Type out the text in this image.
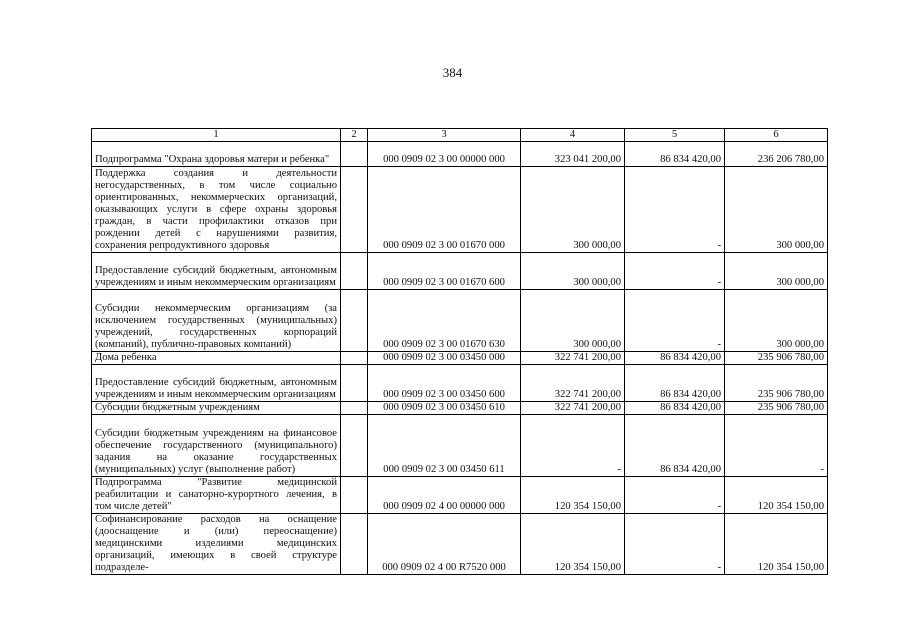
384
1	2	3	4	5	6
Подпрограмма "Охрана здоровья матери и ребенка"		000 0909 02 3 00 00000 000	323 041 200,00	86 834 420,00	236 206 780,00
Поддержка создания и деятельности негосударственных, в том числе социально ориентированных, некоммерческих организаций, оказывающих услуги в сфере охраны здоровья граждан, в части профилактики отказов при рождении детей с нарушениями развития, сохранения репродуктивного здоровья		000 0909 02 3 00 01670 000	300 000,00	-	300 000,00
Предоставление субсидий бюджетным, автономным учреждениям и иным некоммерческим организациям		000 0909 02 3 00 01670 600	300 000,00	-	300 000,00
Субсидии некоммерческим организациям (за исключением государственных (муниципальных) учреждений, государственных корпораций (компаний), публично-правовых компаний)		000 0909 02 3 00 01670 630	300 000,00	-	300 000,00
Дома ребенка		000 0909 02 3 00 03450 000	322 741 200,00	86 834 420,00	235 906 780,00
Предоставление субсидий бюджетным, автономным учреждениям и иным некоммерческим организациям		000 0909 02 3 00 03450 600	322 741 200,00	86 834 420,00	235 906 780,00
Субсидии бюджетным учреждениям		000 0909 02 3 00 03450 610	322 741 200,00	86 834 420,00	235 906 780,00
Субсидии бюджетным учреждениям на финансовое обеспечение государственного (муниципального) задания на оказание государственных (муниципальных) услуг (выполнение работ)		000 0909 02 3 00 03450 611	-	86 834 420,00	-
Подпрограмма "Развитие медицинской реабилитации и санаторно-курортного лечения, в том числе детей"		000 0909 02 4 00 00000 000	120 354 150,00	-	120 354 150,00
Софинансирование расходов на оснащение (дооснащение и (или) переоснащение) медицинскими изделиями медицинских организаций, имеющих в своей структуре подразделе-		000 0909 02 4 00 R7520 000	120 354 150,00	-	120 354 150,00
